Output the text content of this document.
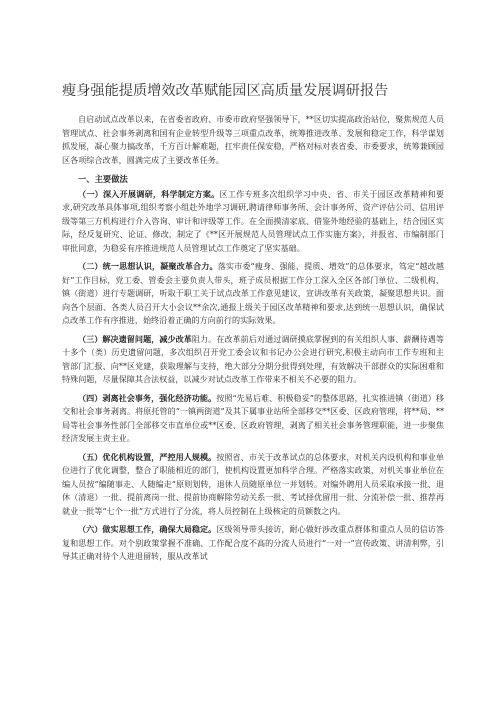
瘦身强能提质增效改革赋能园区高质量发展调研报告

自启动试点改革以来，在省委省政府、市委市政府坚强领导下，**区切实提高政治站位，聚焦规范人员管理试点、社会事务剥离和国有企业转型升级等三项重点改革，统筹推进改革、发展和稳定工作，科学谋划抓发展，凝心聚力搞改革，千方百计解难题，扛牢责任保安稳，严格对标对表省委、市委要求，统筹兼顾园区各项综合改革，圆满完成了主要改革任务。

一、主要做法

（一）深入开展调研，科学制定方案。区工作专班多次组织学习中央、省、市关于园区改革精神和要求,研究改革具体事项,组织考察小组赴外地学习调研,聘请律师事务所、会计事务所、资产评估公司、信用评级等第三方机构进行介入咨询、审计和评级等工作。在全面摸清家底、借鉴外地经验的基础上，结合园区实际，经反复研究、论证、修改，制定了《**区开展规范人员管理试点工作实施方案》，并报省、市编制部门审批同意，为稳妥有序推进规范人员管理试点工作奠定了坚实基础。

（二）统一思想认识，凝聚改革合力。落实市委“瘦身、强能、提质、增效”的总体要求，笃定“越改越好”工作目标，党工委、管委会主要负责人带头，班子成员根据工作分工深入全区各部门单位、二级机构、镇（街道）进行专题调研，听取干职工关于试点改革工作意见建议，宣讲改革有关政策，凝聚思想共识。面向各个层面、各类人员召开大小会议**余次,通报上级关于园区改革精神和要求,达到统一思想认识，确保试点改革工作有序推进，始终沿着正确的方向前行的实际效果。

（三）解决遗留问题，减少改革阻力。在改革前后对通过调研摸底掌握到的有关组织人事、薪酬待遇等十多个（类）历史遗留问题，多次组织召开党工委会议和书记办公会进行研究,积极主动向市工作专班和主管部门汇报、向**区党建，获取理解与支持，绝大部分分期分批得到处理，有效解决干部群众的实际困难和特殊问题，尽量保障其合法权益，以减少对试点改革工作带来不相关不必要的阻力。

（四）剥离社会事务，强化经济功能。按照“先易后难、积极稳妥”的整体思路，扎实推进镇（街道）移交和社会事务剥离。将原托管的“一镇两街道”及其下属事业站所全部移交**区委、区政府管理，将**局、**局等社会事务性部门全部移交市直单位或**区委、区政府管理，剥离了相关社会事务管理职能，进一步聚焦经济发展主责主业。

（五）优化机构设置，严控用人规模。按照省、市关于改革试点的总体要求，对机关内设机构和事业单位进行了优化调整，整合了职能相近的部门，使机构设置更加科学合理。严格落实政策，对机关事业单位在编人员按“编随事走、人随编走”原则划转，退休人员随原单位一并划转。对编外聘用人员采取承接一批、退休（清退）一批、提前离岗一批、提前协商解除劳动关系一批、考试择优留用一批、分流补偿一批、推荐再就业一批等“七个一批”方式进行了分流，将人员控制在上级核定的员额数之内。

（六）做实思想工作，确保大局稳定。区级领导带头接访，耐心做好涉改重点群体和重点人员的信访答复和思想工作。对个别政策掌握不准确、工作配合度不高的分流人员进行“一对一”宣传政策、讲清利弊，引导其正确对待个人进退留转，服从改革试
